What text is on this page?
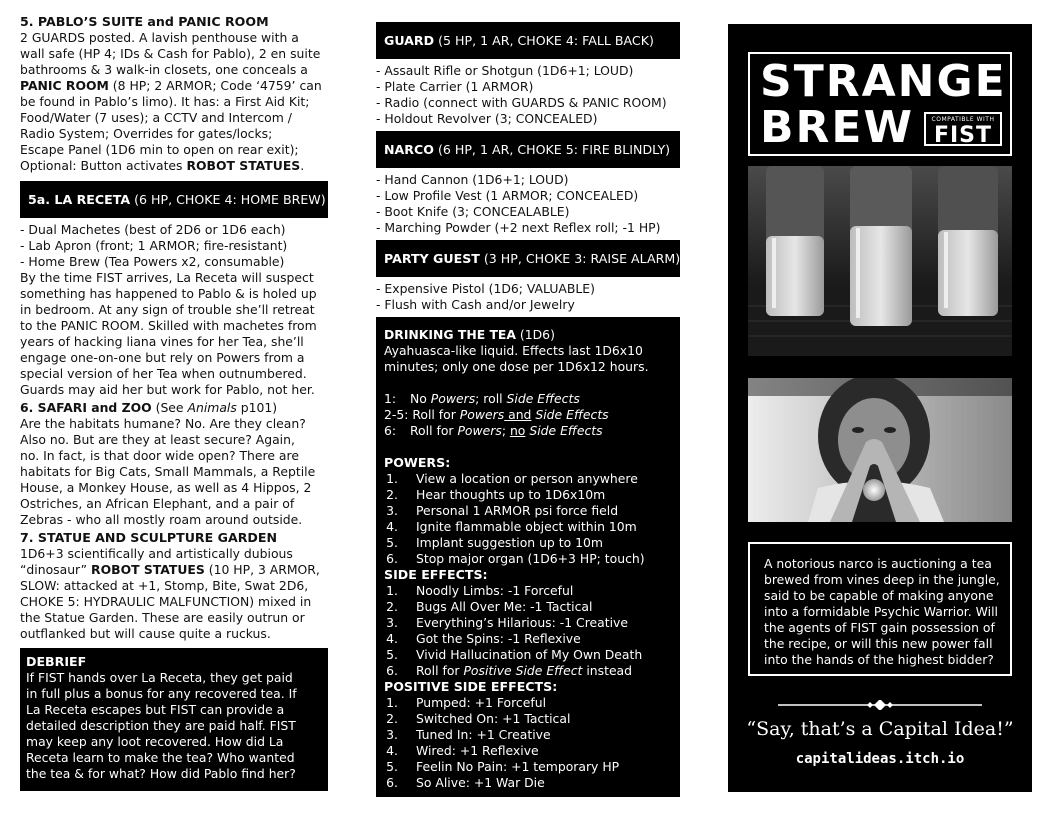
5. PABLO’S SUITE and PANIC ROOM

2 GUARDS posted. A lavish penthouse with a

wall safe (HP 4; IDs & Cash for Pablo), 2 en suite

bathrooms & 3 walk-in closets, one conceals a

PANIC ROOM (8 HP; 2 ARMOR; Code ‘4759’ can

be found in Pablo’s limo). It has: a First Aid Kit;

Food/Water (7 uses); a CCTV and Intercom /

Radio System; Overrides for gates/locks;

Escape Panel (1D6 min to open on rear exit);

Optional: Button activates ROBOT STATUES.

5a. LA RECETA (6 HP, CHOKE 4: HOME BREW)

- Dual Machetes (best of 2D6 or 1D6 each)

- Lab Apron (front; 1 ARMOR; fire-resistant)

- Home Brew (Tea Powers x2, consumable)

By the time FIST arrives, La Receta will suspect

something has happened to Pablo & is holed up

in bedroom. At any sign of trouble she’ll retreat

to the PANIC ROOM. Skilled with machetes from

years of hacking liana vines for her Tea, she’ll

engage one-on-one but rely on Powers from a

special version of her Tea when outnumbered.

Guards may aid her but work for Pablo, not her.

6. SAFARI and ZOO (See Animals p101)

Are the habitats humane? No. Are they clean?

Also no. But are they at least secure? Again,

no. In fact, is that door wide open? There are

habitats for Big Cats, Small Mammals, a Reptile

House, a Monkey House, as well as 4 Hippos, 2

Ostriches, an African Elephant, and a pair of

Zebras - who all mostly roam around outside.

7. STATUE AND SCULPTURE GARDEN

1D6+3 scientifically and artistically dubious

“dinosaur” ROBOT STATUES (10 HP, 3 ARMOR,

SLOW: attacked at +1, Stomp, Bite, Swat 2D6,

CHOKE 5: HYDRAULIC MALFUNCTION) mixed in

the Statue Garden. These are easily outrun or

outflanked but will cause quite a ruckus.

DEBRIEF

If FIST hands over La Receta, they get paid

in full plus a bonus for any recovered tea. If

La Receta escapes but FIST can provide a

detailed description they are paid half. FIST

may keep any loot recovered. How did La

Receta learn to make the tea? Who wanted

the tea & for what? How did Pablo find her?

GUARD (5 HP, 1 AR, CHOKE 4: FALL BACK)

- Assault Rifle or Shotgun (1D6+1; LOUD)

- Plate Carrier (1 ARMOR)

- Radio (connect with GUARDS & PANIC ROOM)

- Holdout Revolver (3; CONCEALED)

NARCO (6 HP, 1 AR, CHOKE 5: FIRE BLINDLY)

- Hand Cannon (1D6+1; LOUD)

- Low Profile Vest (1 ARMOR; CONCEALED)

- Boot Knife (3; CONCEALABLE)

- Marching Powder (+2 next Reflex roll; -1 HP)

PARTY GUEST (3 HP, CHOKE 3: RAISE ALARM)

- Expensive Pistol (1D6; VALUABLE)

- Flush with Cash and/or Jewelry

DRINKING THE TEA (1D6)

Ayahuasca-like liquid. Effects last 1D6x10

minutes; only one dose per 1D6x12 hours.

1: No Powers; roll Side Effects

2-5: Roll for Powers and Side Effects

6: Roll for Powers; no Side Effects

POWERS:

1. View a location or person anywhere

2. Hear thoughts up to 1D6x10m

3. Personal 1 ARMOR psi force field

4. Ignite flammable object within 10m

5. Implant suggestion up to 10m

6. Stop major organ (1D6+3 HP; touch)

SIDE EFFECTS:

1. Noodly Limbs: -1 Forceful

2. Bugs All Over Me: -1 Tactical

3. Everything’s Hilarious: -1 Creative

4. Got the Spins: -1 Reflexive

5. Vivid Hallucination of My Own Death

6. Roll for Positive Side Effect instead

POSITIVE SIDE EFFECTS:

1. Pumped: +1 Forceful

2. Switched On: +1 Tactical

3. Tuned In: +1 Creative

4. Wired: +1 Reflexive

5. Feelin No Pain: +1 temporary HP

6. So Alive: +1 War Die

STRANGE
BREW	COMPATIBLE WITH
FIST
A notorious narco is auctioning a tea
brewed from vines deep in the jungle,
said to be capable of making anyone
into a formidable Psychic Warrior. Will
the agents of FIST gain possession of
the recipe, or will this new power fall
into the hands of the highest bidder?
“Say, that’s a Capital Idea!”
capitalideas.itch.io
